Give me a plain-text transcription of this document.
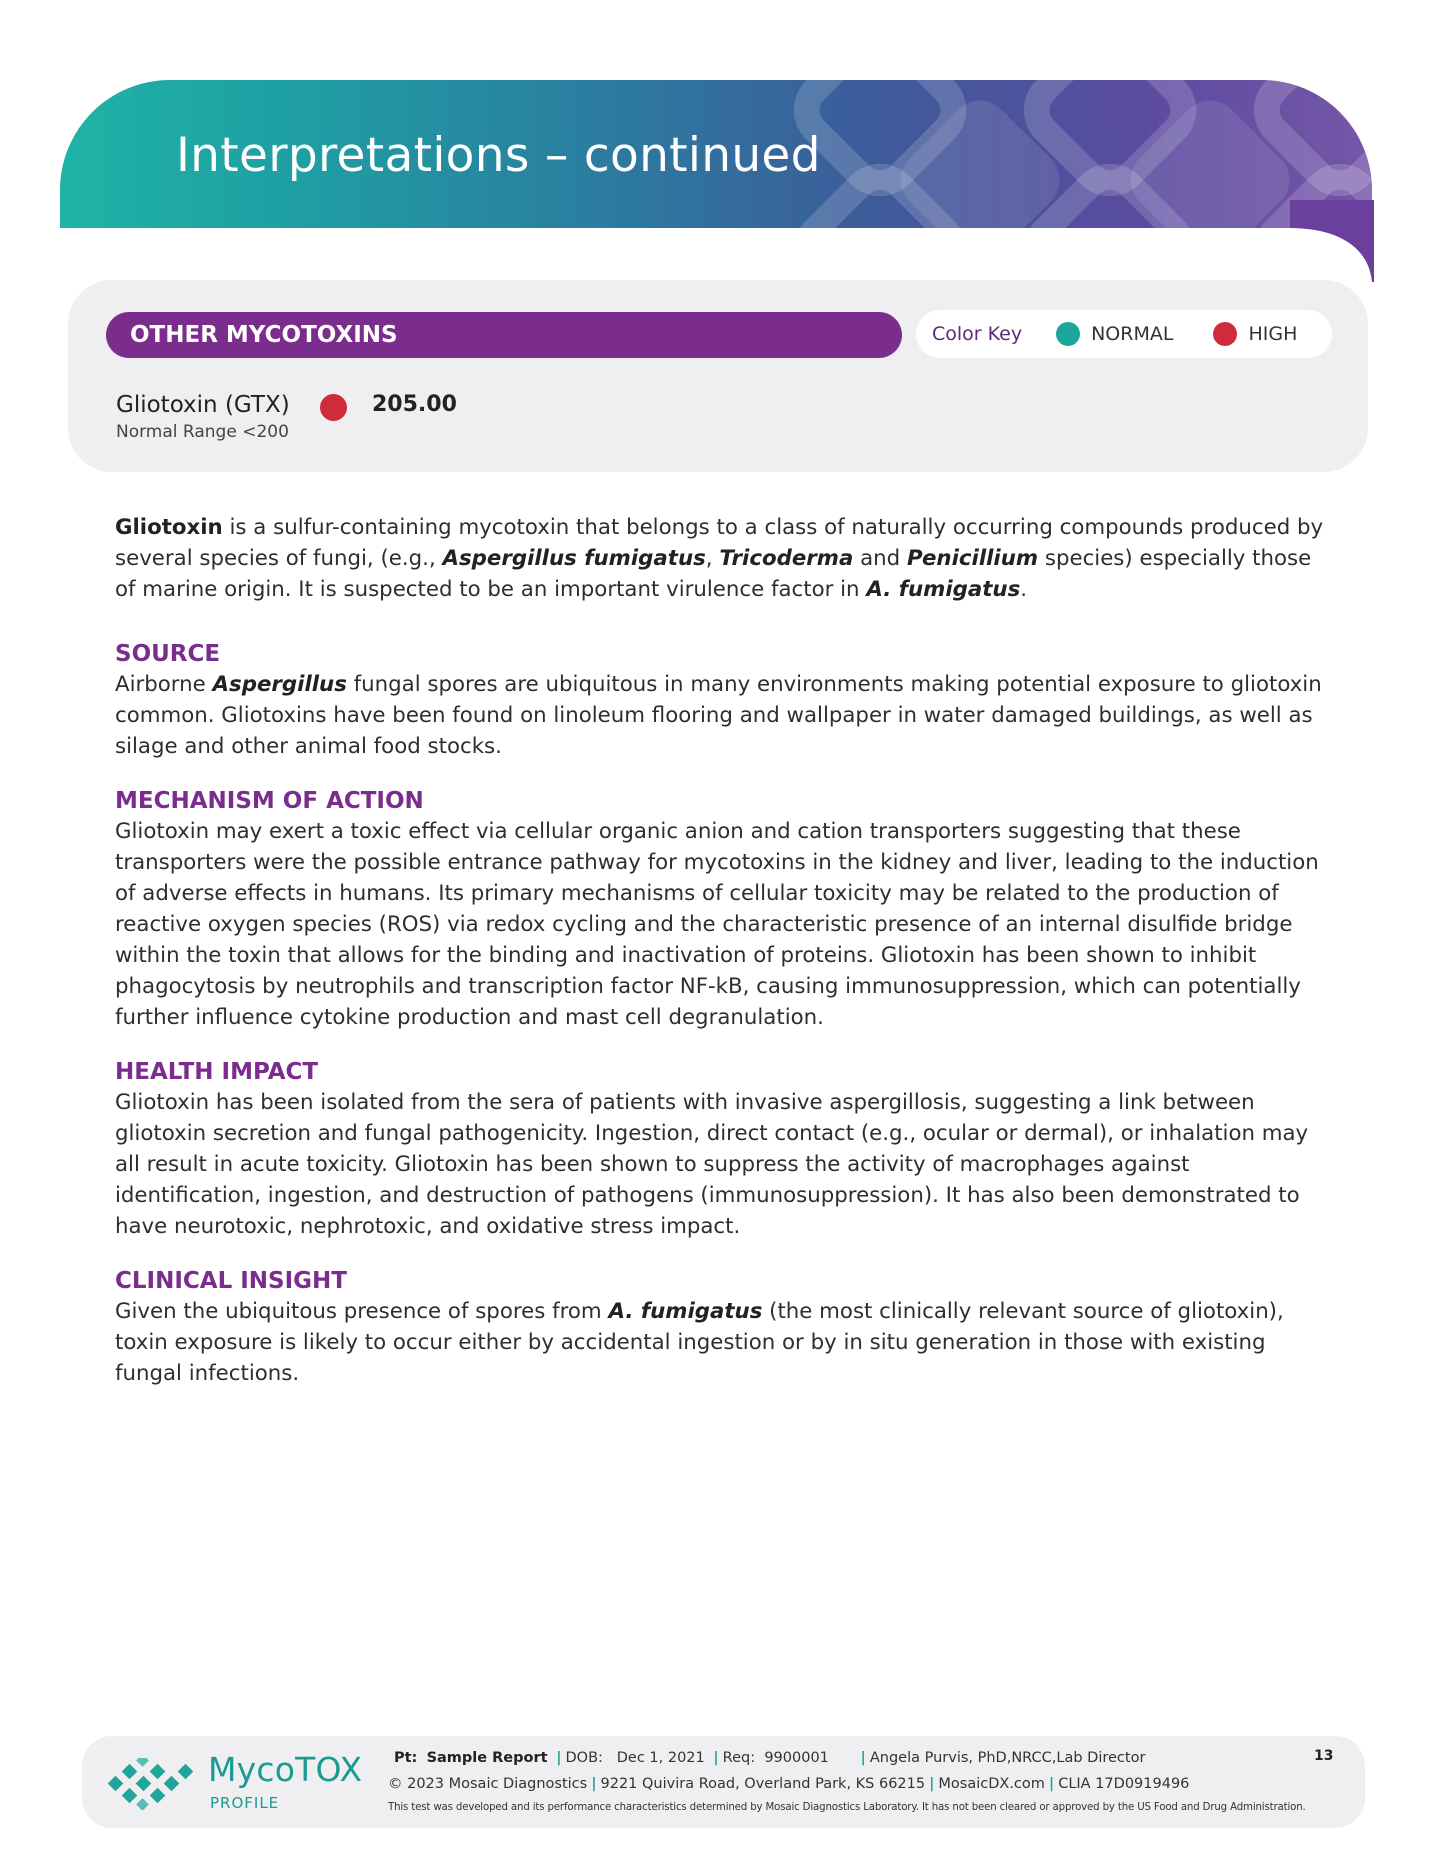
Interpretations – continued
OTHER MYCOTOXINS	Color Key	NORMAL	HIGH
Gliotoxin (GTX)	205.00
Normal Range <200

Gliotoxin is a sulfur-containing mycotoxin that belongs to a class of naturally occurring compounds produced by several species of fungi, (e.g., Aspergillus fumigatus, Tricoderma and Penicillium species) especially those of marine origin. It is suspected to be an important virulence factor in A. fumigatus.

SOURCE

Airborne Aspergillus fungal spores are ubiquitous in many environments making potential exposure to gliotoxin common. Gliotoxins have been found on linoleum flooring and wallpaper in water damaged buildings, as well as silage and other animal food stocks.

MECHANISM OF ACTION

Gliotoxin may exert a toxic effect via cellular organic anion and cation transporters suggesting that these transporters were the possible entrance pathway for mycotoxins in the kidney and liver, leading to the induction of adverse effects in humans. Its primary mechanisms of cellular toxicity may be related to the production of reactive oxygen species (ROS) via redox cycling and the characteristic presence of an internal disulfide bridge within the toxin that allows for the binding and inactivation of proteins. Gliotoxin has been shown to inhibit phagocytosis by neutrophils and transcription factor NF-kB, causing immunosuppression, which can potentially further influence cytokine production and mast cell degranulation.

HEALTH IMPACT

Gliotoxin has been isolated from the sera of patients with invasive aspergillosis, suggesting a link between gliotoxin secretion and fungal pathogenicity. Ingestion, direct contact (e.g., ocular or dermal), or inhalation may all result in acute toxicity. Gliotoxin has been shown to suppress the activity of macrophages against identification, ingestion, and destruction of pathogens (immunosuppression). It has also been demonstrated to have neurotoxic, nephrotoxic, and oxidative stress impact.

CLINICAL INSIGHT

Given the ubiquitous presence of spores from A. fumigatus (the most clinically relevant source of gliotoxin), toxin exposure is likely to occur either by accidental ingestion or by in situ generation in those with existing fungal infections.

MycoTOX
PROFILE
Pt: Sample Report | DOB: Dec 1, 2021 | Req: 9900001 | Angela Purvis, PhD,NRCC,Lab Director
© 2023 Mosaic Diagnostics | 9221 Quivira Road, Overland Park, KS 66215 | MosaicDX.com | CLIA 17D0919496
This test was developed and its performance characteristics determined by Mosaic Diagnostics Laboratory. It has not been cleared or approved by the US Food and Drug Administration.
13
